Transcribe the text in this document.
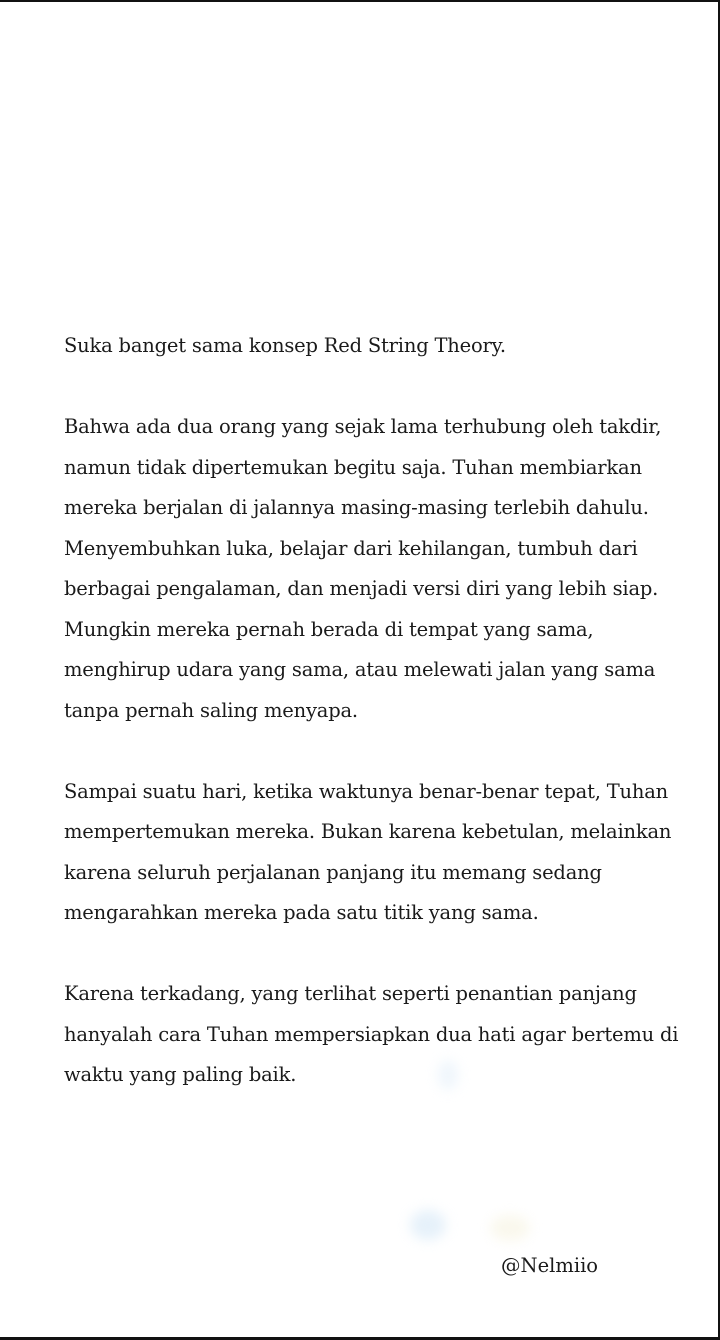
Suka banget sama konsep Red String Theory.
Bahwa ada dua orang yang sejak lama terhubung oleh takdir,
namun tidak dipertemukan begitu saja. Tuhan membiarkan
mereka berjalan di jalannya masing-masing terlebih dahulu.
Menyembuhkan luka, belajar dari kehilangan, tumbuh dari
berbagai pengalaman, dan menjadi versi diri yang lebih siap.
Mungkin mereka pernah berada di tempat yang sama,
menghirup udara yang sama, atau melewati jalan yang sama
tanpa pernah saling menyapa.
Sampai suatu hari, ketika waktunya benar-benar tepat, Tuhan
mempertemukan mereka. Bukan karena kebetulan, melainkan
karena seluruh perjalanan panjang itu memang sedang
mengarahkan mereka pada satu titik yang sama.
Karena terkadang, yang terlihat seperti penantian panjang
hanyalah cara Tuhan mempersiapkan dua hati agar bertemu di
waktu yang paling baik.
@Nelmiio
